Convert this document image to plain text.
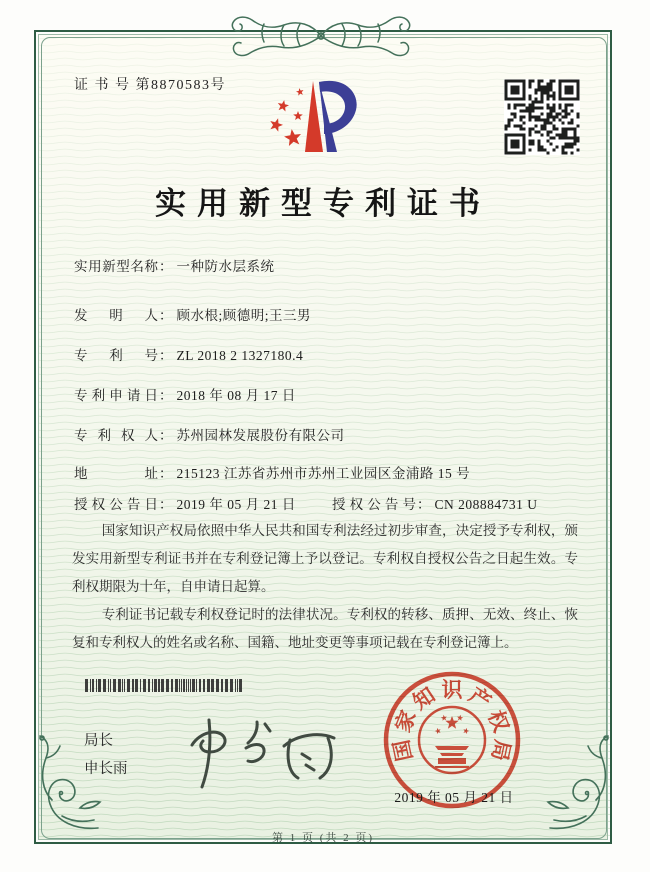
证 书 号 第8870583号
实用新型专利证书
实用新型名称： 一种防水层系统
发明人： 顾水根;顾德明;王三男
专利号： ZL 2018 2 1327180.4
专利申请日： 2018 年 08 月 17 日
专利权人： 苏州园林发展股份有限公司
地址： 215123 江苏省苏州市苏州工业园区金浦路 15 号
授权公告日： 2019 年 05 月 21 日	授权公告号： CN 208884731 U

国家知识产权局依照中华人民共和国专利法经过初步审查，决定授予专利权，颁发实用新型专利证书并在专利登记簿上予以登记。专利权自授权公告之日起生效。专利权期限为十年，自申请日起算。

专利证书记载专利权登记时的法律状况。专利权的转移、质押、无效、终止、恢复和专利权人的姓名或名称、国籍、地址变更等事项记载在专利登记簿上。

局长
申长雨
国
家
知 识 产
权
局
2019 年 05 月 21 日
第 1 页 (共 2 页)
